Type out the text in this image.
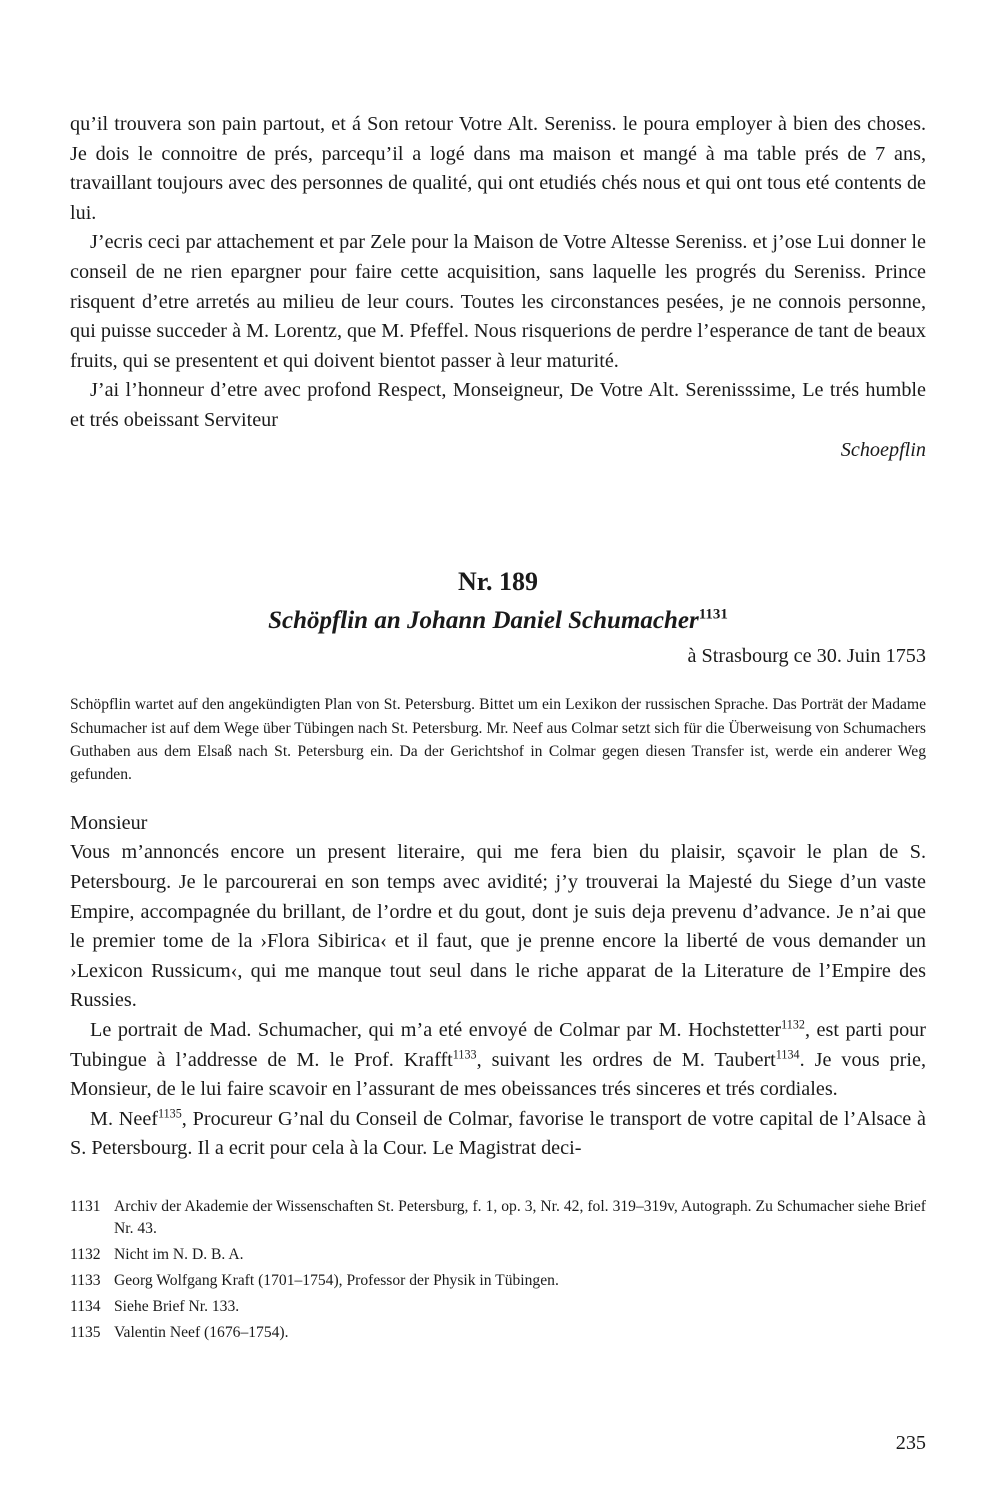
qu’il trouvera son pain partout, et á Son retour Votre Alt. Sereniss. le poura employer à bien des choses. Je dois le connoitre de prés, parcequ’il a logé dans ma maison et mangé à ma table prés de 7 ans, travaillant toujours avec des personnes de qualité, qui ont etudiés chés nous et qui ont tous eté contents de lui.

J’ecris ceci par attachement et par Zele pour la Maison de Votre Altesse Sereniss. et j’ose Lui donner le conseil de ne rien epargner pour faire cette acquisition, sans laquelle les progrés du Sereniss. Prince risquent d’etre arretés au milieu de leur cours. Toutes les circonstances pesées, je ne connois personne, qui puisse succeder à M. Lorentz, que M. Pfeffel. Nous risquerions de perdre l’esperance de tant de beaux fruits, qui se presentent et qui doivent bientot passer à leur maturité.

J’ai l’honneur d’etre avec profond Respect, Monseigneur, De Votre Alt. Serenisssime, Le trés humble et trés obeissant Serviteur

Schoepflin

Nr. 189
Schöpflin an Johann Daniel Schumacher$^{1131}$

à Strasbourg ce 30. Juin 1753

Schöpflin wartet auf den angekündigten Plan von St. Petersburg. Bittet um ein Lexikon der russischen Sprache. Das Porträt der Madame Schumacher ist auf dem Wege über Tübingen nach St. Petersburg. Mr. Neef aus Colmar setzt sich für die Überweisung von Schumachers Guthaben aus dem Elsaß nach St. Petersburg ein. Da der Gerichtshof in Colmar gegen diesen Transfer ist, werde ein anderer Weg gefunden.

Monsieur

Vous m’annoncés encore un present literaire, qui me fera bien du plaisir, sçavoir le plan de S. Petersbourg. Je le parcourerai en son temps avec avidité; j’y trouverai la Majesté du Siege d’un vaste Empire, accompagnée du brillant, de l’ordre et du gout, dont je suis deja prevenu d’advance. Je n’ai que le premier tome de la ›Flora Sibirica‹ et il faut, que je prenne encore la liberté de vous demander un ›Lexicon Russicum‹, qui me manque tout seul dans le riche apparat de la Literature de l’Empire des Russies.

Le portrait de Mad. Schumacher, qui m’a eté envoyé de Colmar par M. Hochstetter$^{1132}$, est parti pour Tubingue à l’addresse de M. le Prof. Krafft$^{1133}$, suivant les ordres de M. Taubert$^{1134}$. Je vous prie, Monsieur, de le lui faire scavoir en l’assurant de mes obeissances trés sinceres et trés cordiales.

M. Neef$^{1135}$, Procureur G’nal du Conseil de Colmar, favorise le transport de votre capital de l’Alsace à S. Petersbourg. Il a ecrit pour cela à la Cour. Le Magistrat deci-

1131 Archiv der Akademie der Wissenschaften St. Petersburg, f. 1, op. 3, Nr. 42, fol. 319–319v, Autograph. Zu Schumacher siehe Brief Nr. 43.
1132 Nicht im N. D. B. A.
1133 Georg Wolfgang Kraft (1701–1754), Professor der Physik in Tübingen.
1134 Siehe Brief Nr. 133.
1135 Valentin Neef (1676–1754).
235
